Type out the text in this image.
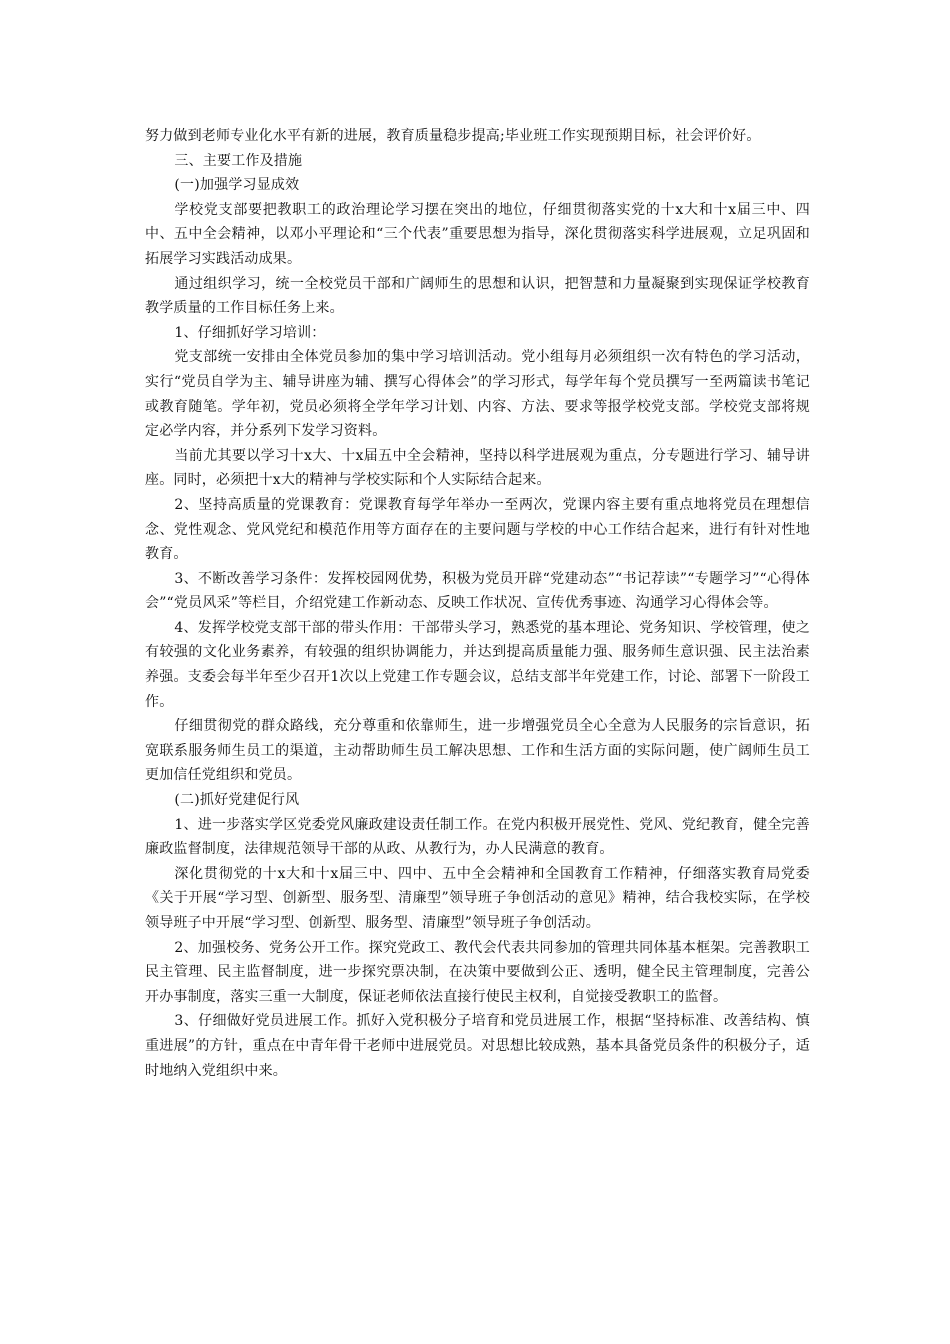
努力做到老师专业化水平有新的进展，教育质量稳步提高;毕业班工作实现预期目标，社会评价好。

三、主要工作及措施

(一)加强学习显成效

学校党支部要把教职工的政治理论学习摆在突出的地位，仔细贯彻落实党的十x大和十x届三中、四中、五中全会精神，以邓小平理论和“三个代表”重要思想为指导，深化贯彻落实科学进展观，立足巩固和拓展学习实践活动成果。

通过组织学习，统一全校党员干部和广阔师生的思想和认识，把智慧和力量凝聚到实现保证学校教育教学质量的工作目标任务上来。

1、仔细抓好学习培训：

党支部统一安排由全体党员参加的集中学习培训活动。党小组每月必须组织一次有特色的学习活动，实行“党员自学为主、辅导讲座为辅、撰写心得体会”的学习形式，每学年每个党员撰写一至两篇读书笔记或教育随笔。学年初，党员必须将全学年学习计划、内容、方法、要求等报学校党支部。学校党支部将规定必学内容，并分系列下发学习资料。

当前尤其要以学习十x大、十x届五中全会精神，坚持以科学进展观为重点，分专题进行学习、辅导讲座。同时，必须把十x大的精神与学校实际和个人实际结合起来。

2、坚持高质量的党课教育：党课教育每学年举办一至两次，党课内容主要有重点地将党员在理想信念、党性观念、党风党纪和模范作用等方面存在的主要问题与学校的中心工作结合起来，进行有针对性地教育。

3、不断改善学习条件：发挥校园网优势，积极为党员开辟“党建动态”“书记荐读”“专题学习”“心得体会”“党员风采”等栏目，介绍党建工作新动态、反映工作状况、宣传优秀事迹、沟通学习心得体会等。

4、发挥学校党支部干部的带头作用：干部带头学习，熟悉党的基本理论、党务知识、学校管理，使之有较强的文化业务素养，有较强的组织协调能力，并达到提高质量能力强、服务师生意识强、民主法治素养强。支委会每半年至少召开1次以上党建工作专题会议，总结支部半年党建工作，讨论、部署下一阶段工作。

仔细贯彻党的群众路线，充分尊重和依靠师生，进一步增强党员全心全意为人民服务的宗旨意识，拓宽联系服务师生员工的渠道，主动帮助师生员工解决思想、工作和生活方面的实际问题，使广阔师生员工更加信任党组织和党员。

(二)抓好党建促行风

1、进一步落实学区党委党风廉政建设责任制工作。在党内积极开展党性、党风、党纪教育，健全完善廉政监督制度，法律规范领导干部的从政、从教行为，办人民满意的教育。

深化贯彻党的十x大和十x届三中、四中、五中全会精神和全国教育工作精神，仔细落实教育局党委《关于开展“学习型、创新型、服务型、清廉型”领导班子争创活动的意见》精神，结合我校实际，在学校领导班子中开展“学习型、创新型、服务型、清廉型”领导班子争创活动。

2、加强校务、党务公开工作。探究党政工、教代会代表共同参加的管理共同体基本框架。完善教职工民主管理、民主监督制度，进一步探究票决制，在决策中要做到公正、透明，健全民主管理制度，完善公开办事制度，落实三重一大制度，保证老师依法直接行使民主权利，自觉接受教职工的监督。

3、仔细做好党员进展工作。抓好入党积极分子培育和党员进展工作，根据“坚持标准、改善结构、慎重进展”的方针，重点在中青年骨干老师中进展党员。对思想比较成熟，基本具备党员条件的积极分子，适时地纳入党组织中来。
